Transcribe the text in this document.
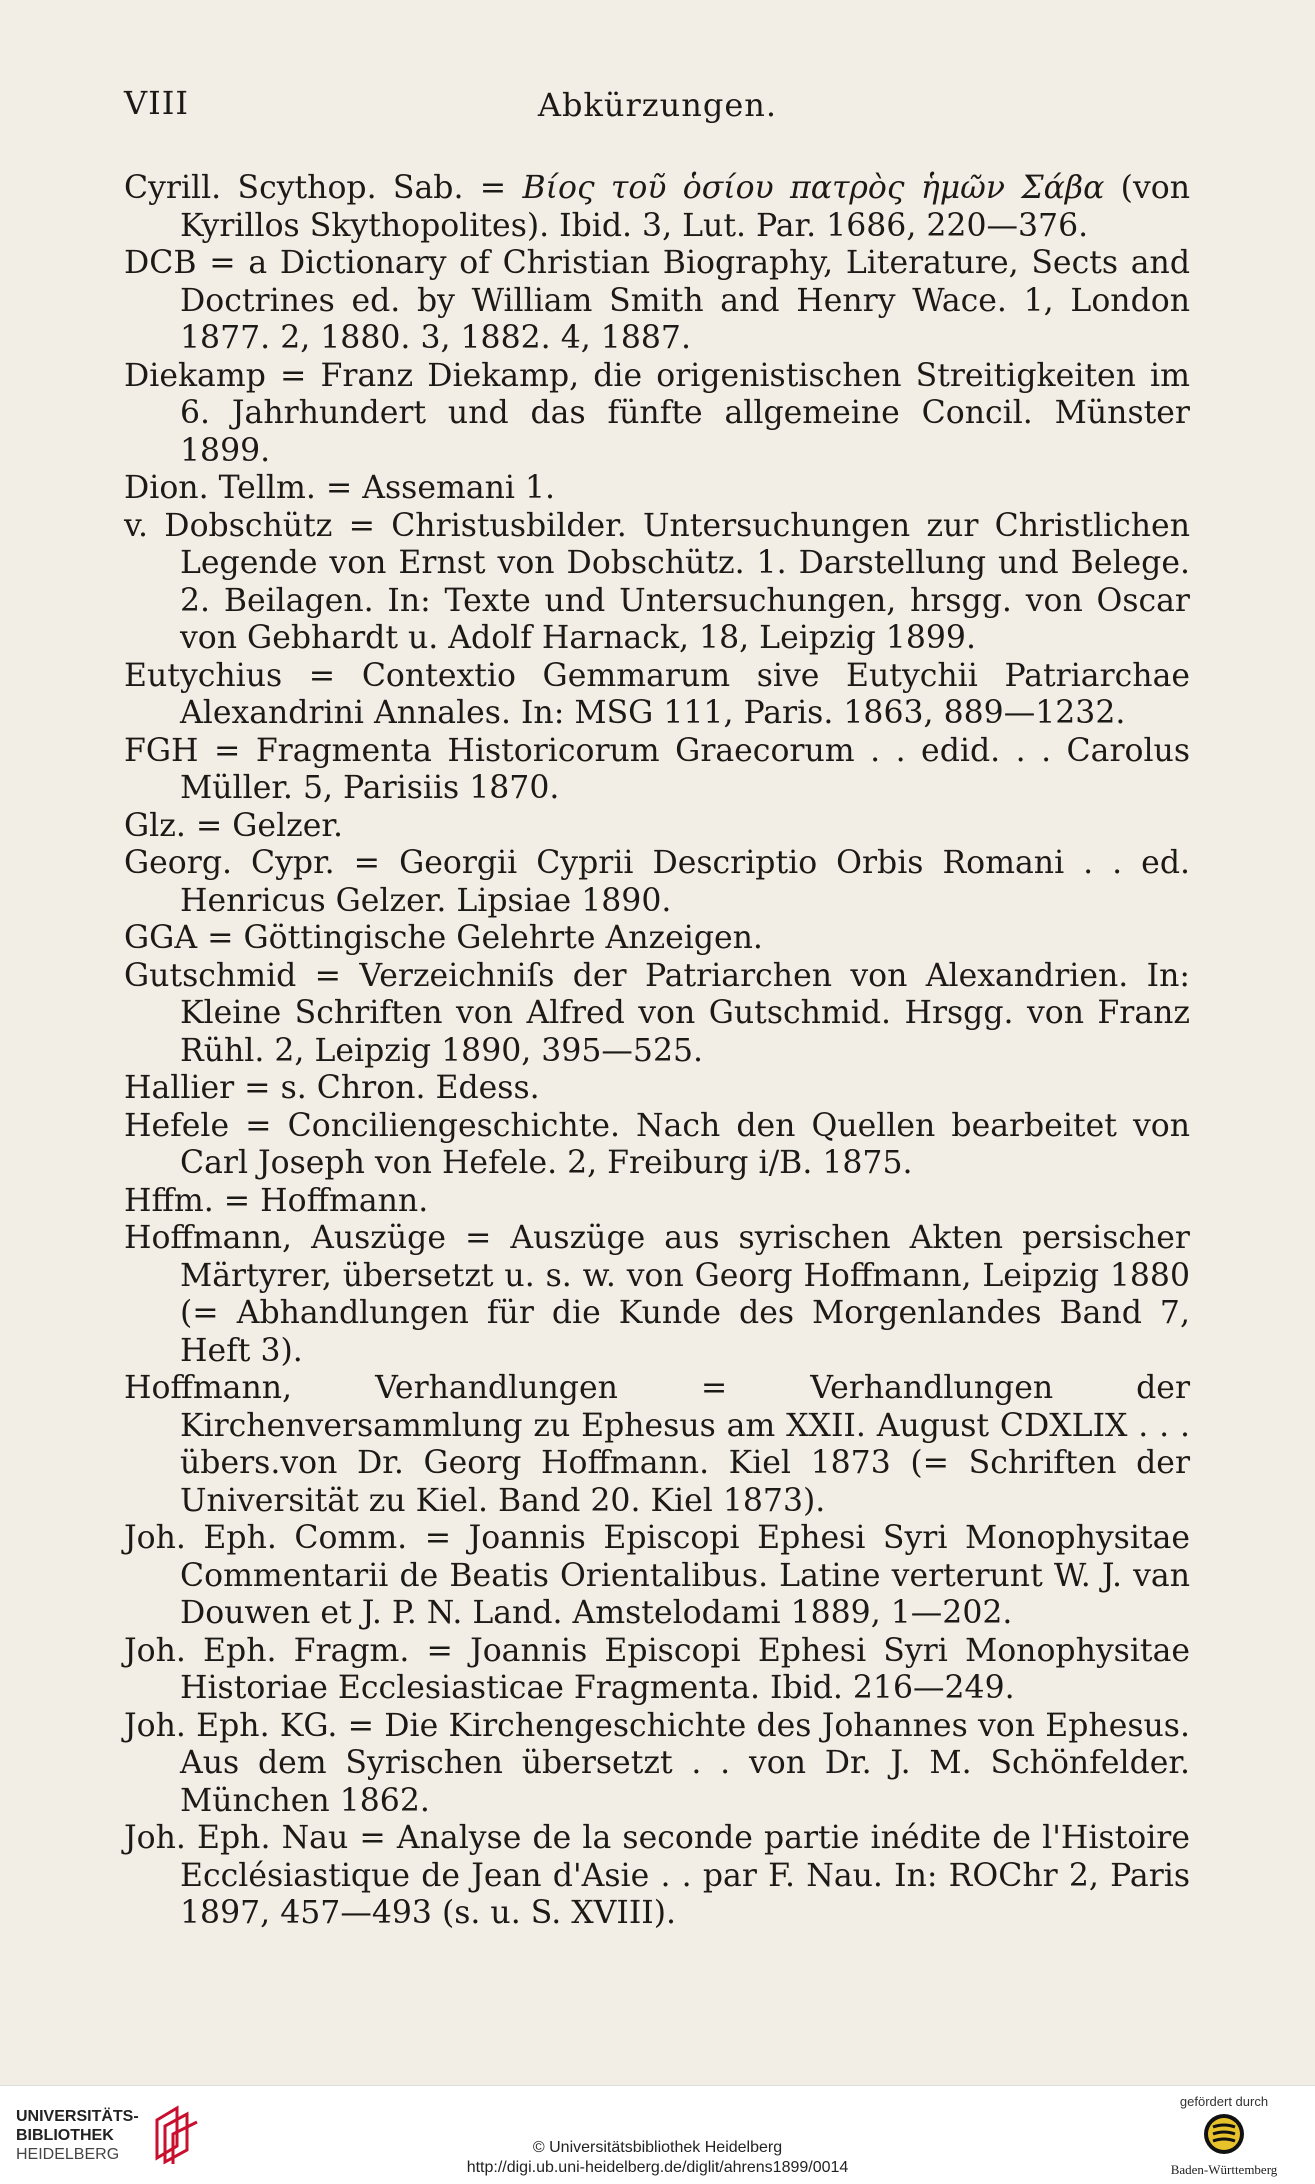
VIII	Abkürzungen.
Cyrill. Scythop. Sab. = Βίος τοῦ ὁσίου πατρὸς ἡμῶν Σάβα (von Kyrillos Skythopolites). Ibid. 3, Lut. Par. 1686, 220—376.
DCB = a Dictionary of Christian Biography, Literature, Sects and Doctrines ed. by William Smith and Henry Wace. 1, London 1877. 2, 1880. 3, 1882. 4, 1887.
Diekamp = Franz Diekamp, die origenistischen Streitigkeiten im 6. Jahrhundert und das fünfte allgemeine Concil. Münster 1899.
Dion. Tellm. = Assemani 1.
v. Dobschütz = Christusbilder. Untersuchungen zur Christlichen Legende von Ernst von Dobschütz. 1. Darstellung und Belege. 2. Beilagen. In: Texte und Untersuchungen, hrsgg. von Oscar von Gebhardt u. Adolf Harnack, 18, Leipzig 1899.
Eutychius = Contextio Gemmarum sive Eutychii Patriarchae Alexandrini Annales. In: MSG 111, Paris. 1863, 889—1232.
FGH = Fragmenta Historicorum Graecorum . . edid. . . Carolus Müller. 5, Parisiis 1870.
Glz. = Gelzer.
Georg. Cypr. = Georgii Cyprii Descriptio Orbis Romani . . ed. Henricus Gelzer. Lipsiae 1890.
GGA = Göttingische Gelehrte Anzeigen.
Gutschmid = Verzeichniſs der Patriarchen von Alexandrien. In: Kleine Schriften von Alfred von Gutschmid. Hrsgg. von Franz Rühl. 2, Leipzig 1890, 395—525.
Hallier = s. Chron. Edess.
Hefele = Conciliengeschichte. Nach den Quellen bearbeitet von Carl Joseph von Hefele. 2, Freiburg i/B. 1875.
Hffm. = Hoffmann.
Hoffmann, Auszüge = Auszüge aus syrischen Akten persischer Märtyrer, übersetzt u. s. w. von Georg Hoffmann, Leipzig 1880 (= Abhandlungen für die Kunde des Morgenlandes Band 7, Heft 3).
Hoffmann, Verhandlungen = Verhandlungen der Kirchenversammlung zu Ephesus am XXII. August CDXLIX . . . übers.von Dr. Georg Hoffmann. Kiel 1873 (= Schriften der Universität zu Kiel. Band 20. Kiel 1873).
Joh. Eph. Comm. = Joannis Episcopi Ephesi Syri Monophysitae Commentarii de Beatis Orientalibus. Latine verterunt W. J. van Douwen et J. P. N. Land. Amstelodami 1889, 1—202.
Joh. Eph. Fragm. = Joannis Episcopi Ephesi Syri Monophysitae Historiae Ecclesiasticae Fragmenta. Ibid. 216—249.
Joh. Eph. KG. = Die Kirchengeschichte des Johannes von Ephesus. Aus dem Syrischen übersetzt . . von Dr. J. M. Schönfelder. München 1862.
Joh. Eph. Nau = Analyse de la seconde partie inédite de l'Histoire Ecclésiastique de Jean d'Asie . . par F. Nau. In: ROChr 2, Paris 1897, 457—493 (s. u. S. XVIII).
UNIVERSITÄTS-
BIBLIOTHEK
HEIDELBERG	© Universitätsbibliothek Heidelberg
http://digi.ub.uni-heidelberg.de/diglit/ahrens1899/0014
gefördert durch
Baden-Württemberg
